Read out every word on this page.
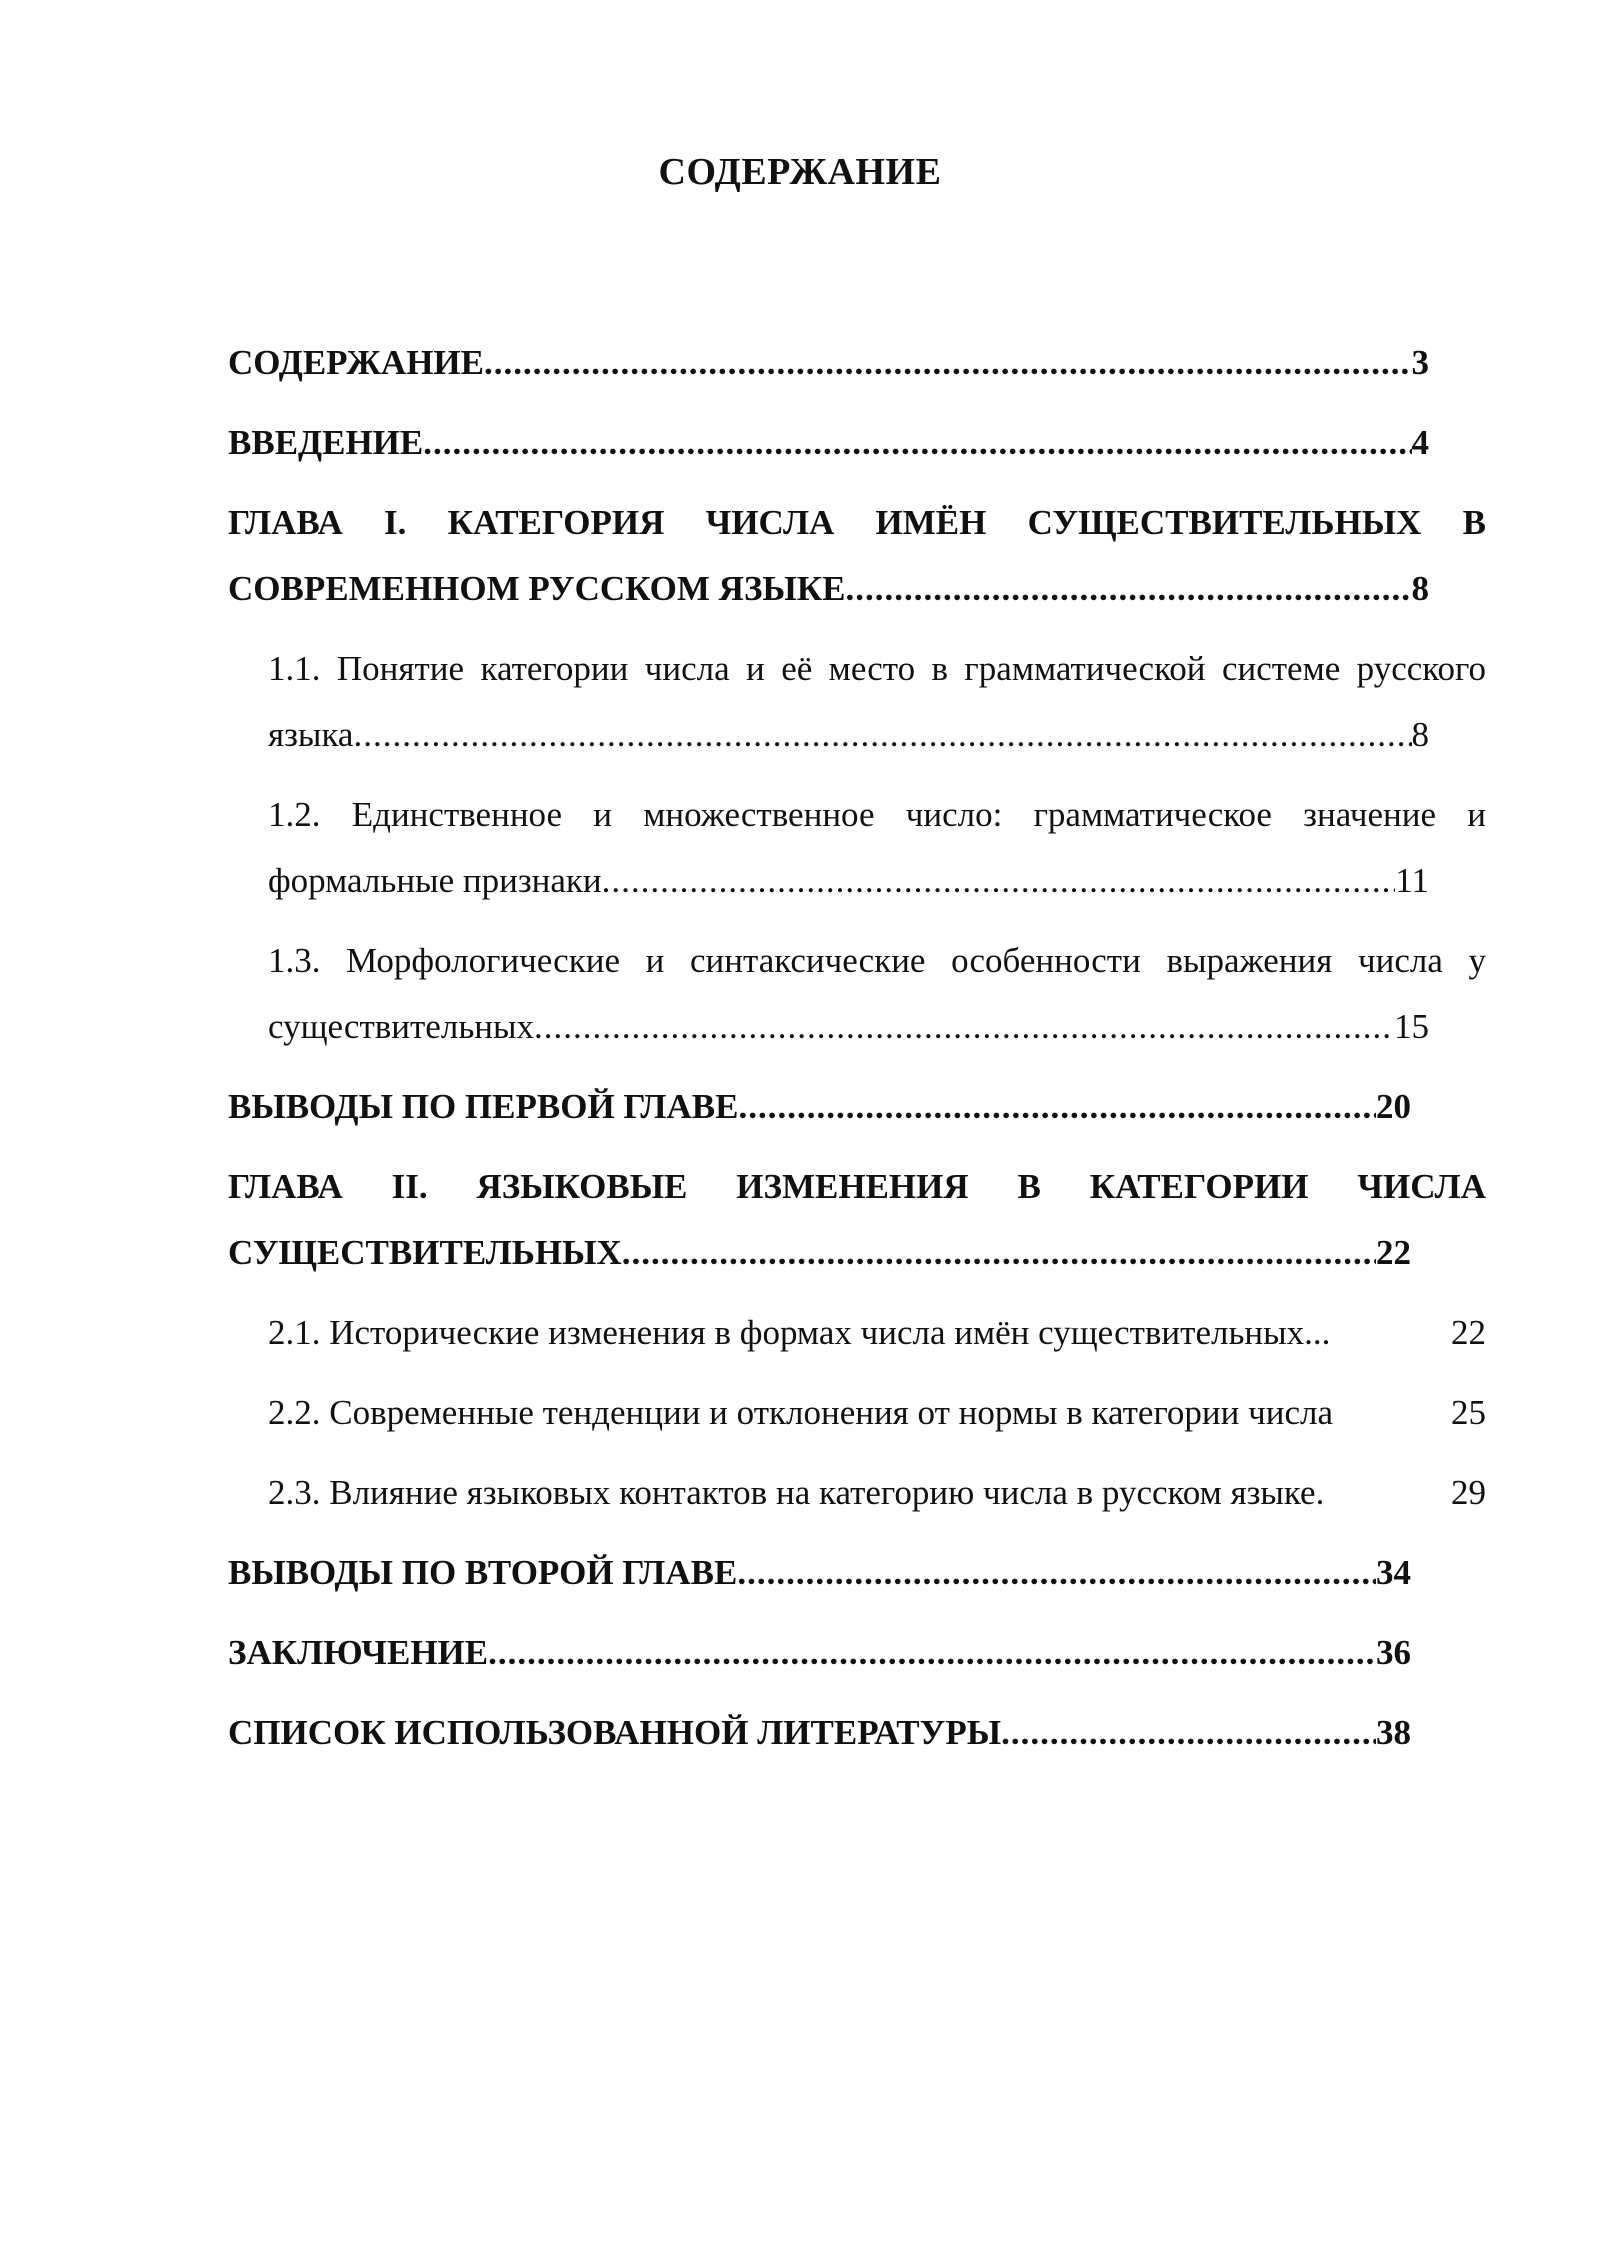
СОДЕРЖАНИЕ
СОДЕРЖАНИЕ .....	3
ВВЕДЕНИЕ .....	4
ГЛАВА I. КАТЕГОРИЯ ЧИСЛА ИМЁН СУЩЕСТВИТЕЛЬНЫХ В
СОВРЕМЕННОМ РУССКОМ ЯЗЫКЕ .....	8
1.1. Понятие категории числа и её место в грамматической системе русского
языка .....	8
1.2. Единственное и множественное число: грамматическое значение и
формальные признаки .....	11
1.3. Морфологические и синтаксические особенности выражения числа у
существительных .....	15
ВЫВОДЫ ПО ПЕРВОЙ ГЛАВЕ .....	20
ГЛАВА II. ЯЗЫКОВЫЕ ИЗМЕНЕНИЯ В КАТЕГОРИИ ЧИСЛА
СУЩЕСТВИТЕЛЬНЫХ .....	22
2.1. Исторические изменения в формах числа имён существительных...	22
2.2. Современные тенденции и отклонения от нормы в категории числа	25
2.3. Влияние языковых контактов на категорию числа в русском языке.	29
ВЫВОДЫ ПО ВТОРОЙ ГЛАВЕ .....	34
ЗАКЛЮЧЕНИЕ .....	36
СПИСОК ИСПОЛЬЗОВАННОЙ ЛИТЕРАТУРЫ .....	38
